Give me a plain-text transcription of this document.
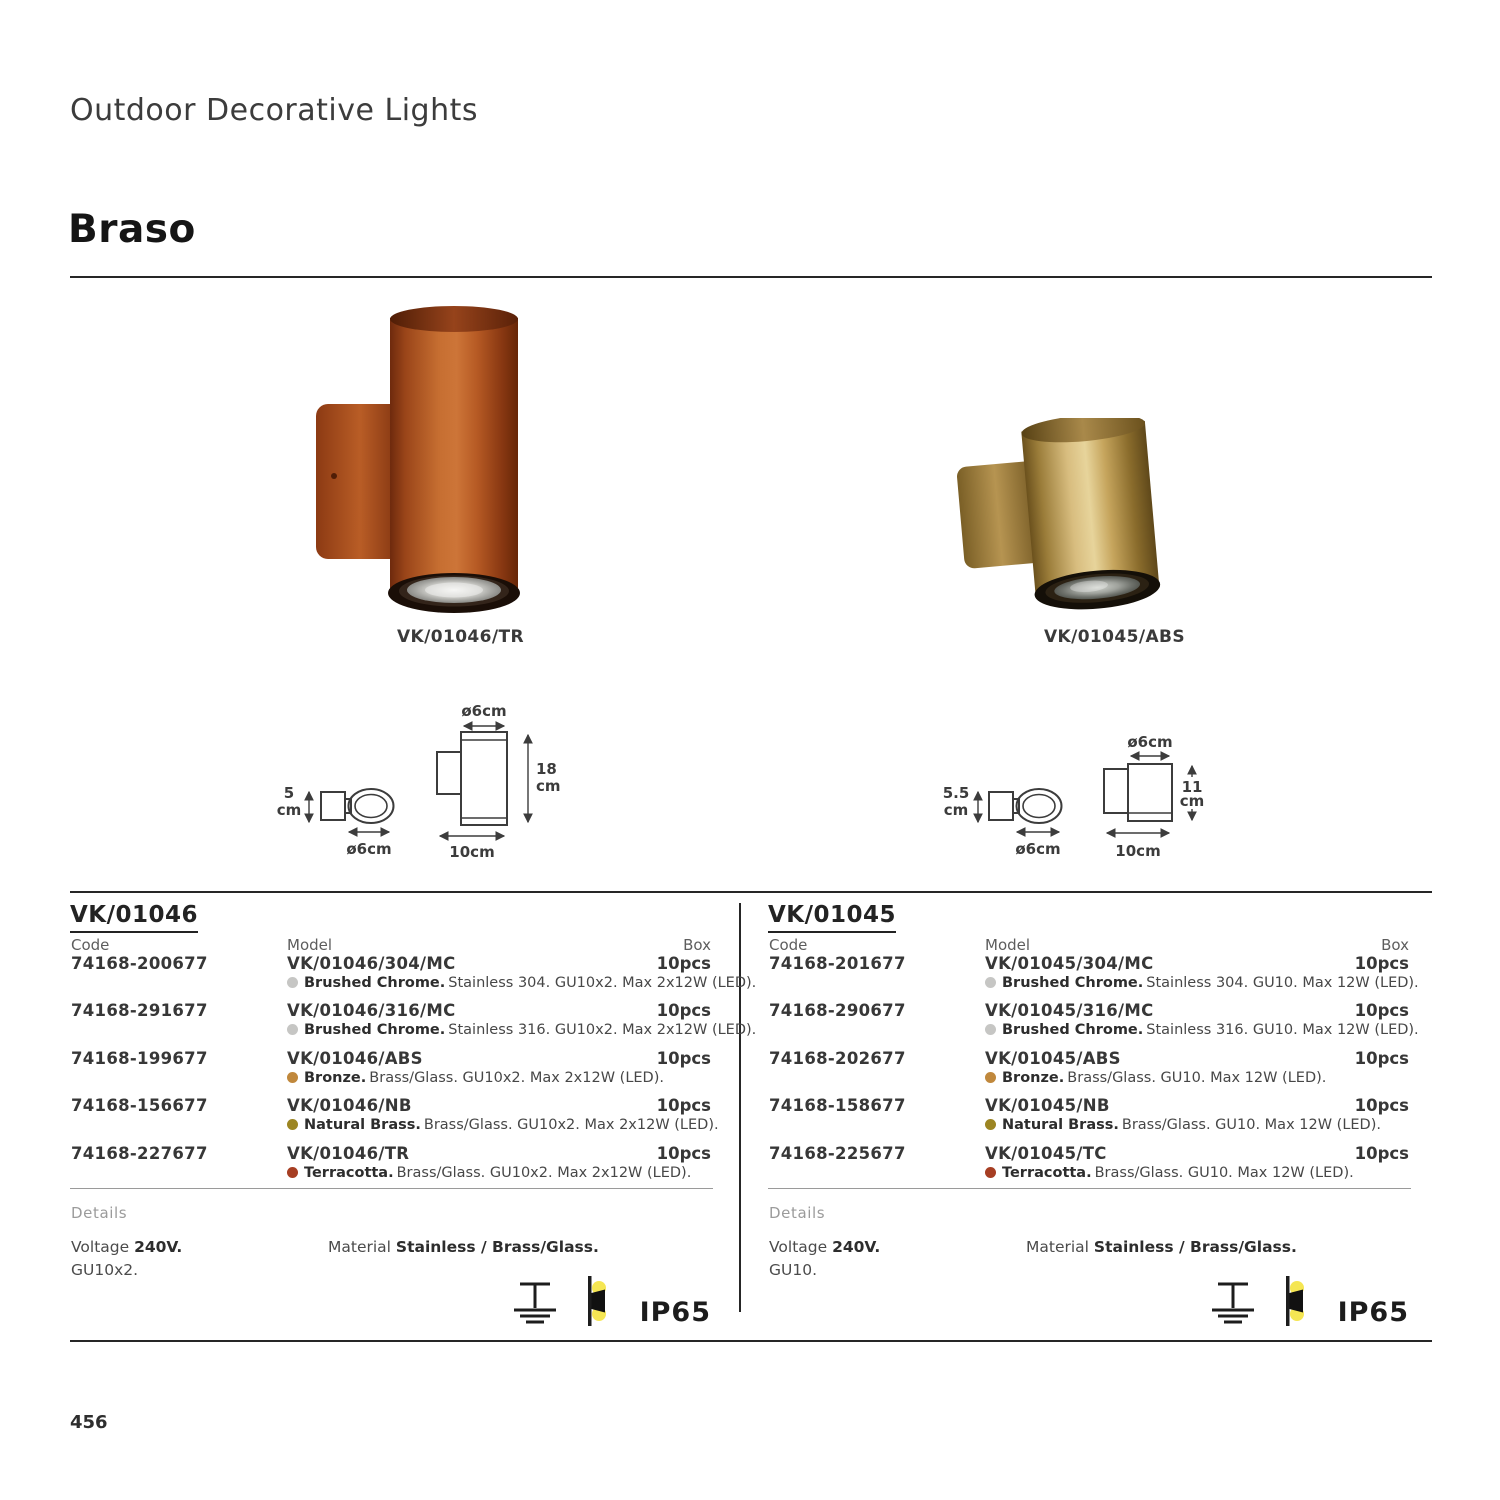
Outdoor Decorative Lights
Braso
VK/01046/TR	VK/01045/ABS
5
cm
ø6cm
ø6cm
18
cm
10cm
5.5
cm
ø6cm
ø6cm
11
cm
10cm
VK/01046
Code	Model	Box
74168-200677	VK/01046/304/MC	10pcs
Brushed Chrome. Stainless 304. GU10x2. Max 2x12W (LED).
74168-291677	VK/01046/316/MC	10pcs
Brushed Chrome. Stainless 316. GU10x2. Max 2x12W (LED).
74168-199677	VK/01046/ABS	10pcs
Bronze. Brass/Glass. GU10x2. Max 2x12W (LED).
74168-156677	VK/01046/NB	10pcs
Natural Brass. Brass/Glass. GU10x2. Max 2x12W (LED).
74168-227677	VK/01046/TR	10pcs
Terracotta. Brass/Glass. GU10x2. Max 2x12W (LED).
Details
Voltage 240V.
GU10x2.
Material Stainless / Brass/Glass.
IP65
VK/01045
Code	Model	Box
74168-201677	VK/01045/304/MC	10pcs
Brushed Chrome. Stainless 304. GU10. Max 12W (LED).
74168-290677	VK/01045/316/MC	10pcs
Brushed Chrome. Stainless 316. GU10. Max 12W (LED).
74168-202677	VK/01045/ABS	10pcs
Bronze. Brass/Glass. GU10. Max 12W (LED).
74168-158677	VK/01045/NB	10pcs
Natural Brass. Brass/Glass. GU10. Max 12W (LED).
74168-225677	VK/01045/TC	10pcs
Terracotta. Brass/Glass. GU10. Max 12W (LED).
Details
Voltage 240V.
GU10.
Material Stainless / Brass/Glass.
IP65
456
